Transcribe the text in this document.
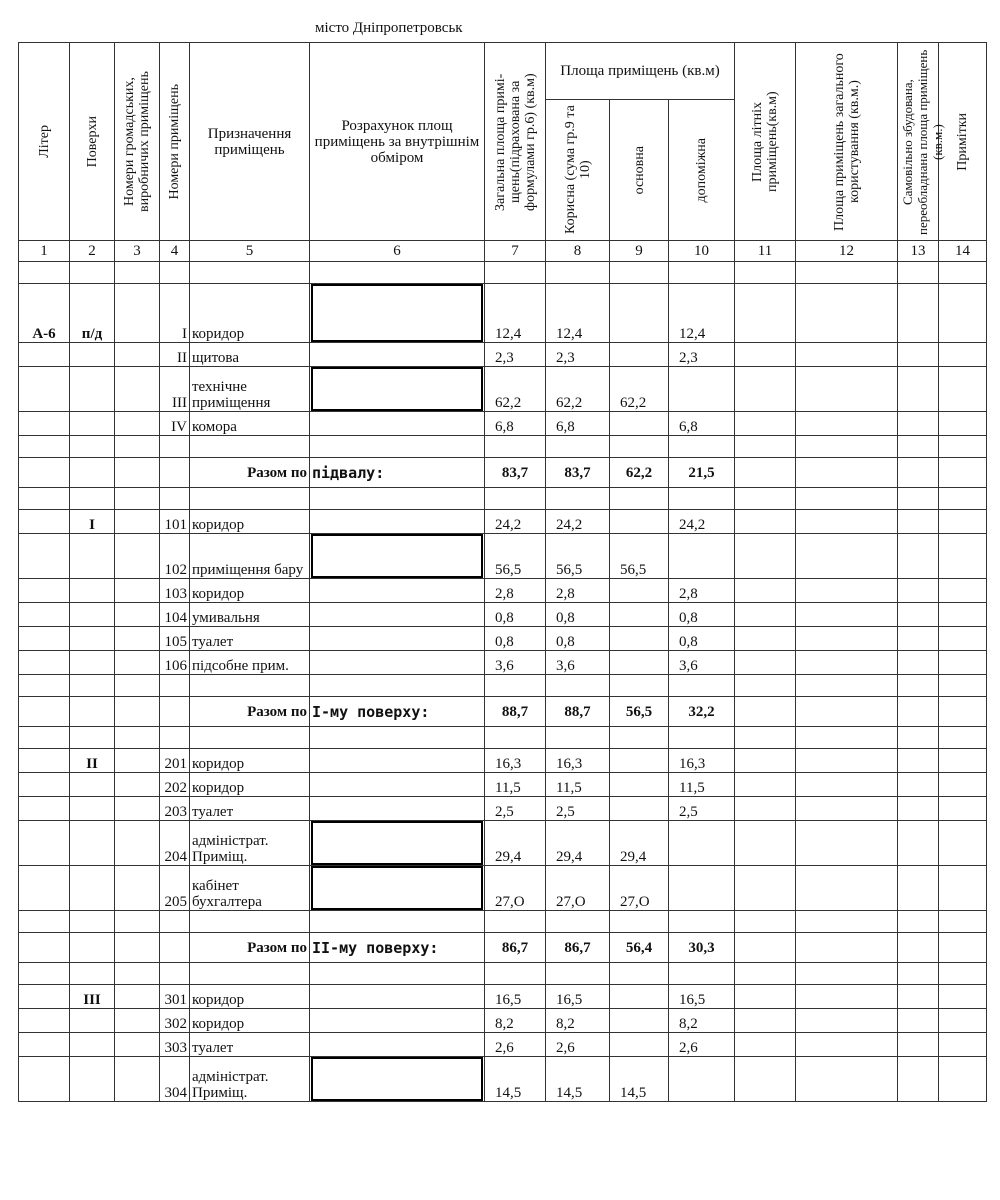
місто Дніпропетровськ
Літер	Поверхи	Номери громадських, виробничих приміщень	Номери приміщень	Призначення приміщень	Розрахунок площ приміщень за внутрішнім обміром	Загальна площа примі-щень(підрахована за формулами гр.6) (кв.м)	Площа приміщень (кв.м)			Площа літніх приміщень(кв.м)	Площа приміщень загального користування (кв.м.)	Самовільно збудована, переобладнана площа приміщень (кв.м.)	Примітки

							Корисна (сума гр.9 та 10)	основна	допоміжна				

1	2	3	4	5	6	7	8	9	10	11	12	13	14

А-6	п/д		I	коридор		12,4	12,4		12,4				
			II	щитова		2,3	2,3		2,3				
			III	технічне приміщення		62,2	62,2	62,2					
			IV	комора		6,8	6,8		6,8				

				Разом по	підвалу:	83,7	83,7	62,2	21,5				

	I		101	коридор		24,2	24,2		24,2				
			102	приміщення бару		56,5	56,5	56,5					
			103	коридор		2,8	2,8		2,8				
			104	умивальня		0,8	0,8		0,8				
			105	туалет		0,8	0,8		0,8				
			106	підсобне прим.		3,6	3,6		3,6				

				Разом по	І-му поверху:	88,7	88,7	56,5	32,2				

	II		201	коридор		16,3	16,3		16,3				
			202	коридор		11,5	11,5		11,5				
			203	туалет		2,5	2,5		2,5				
			204	адміністрат. Приміщ.		29,4	29,4	29,4					
			205	кабінет бухгалтера		27,О	27,О	27,О					

				Разом по	ІІ-му поверху:	86,7	86,7	56,4	30,3				

	III		301	коридор		16,5	16,5		16,5				
			302	коридор		8,2	8,2		8,2				
			303	туалет		2,6	2,6		2,6				
			304	адміністрат. Приміщ.		14,5	14,5	14,5					
